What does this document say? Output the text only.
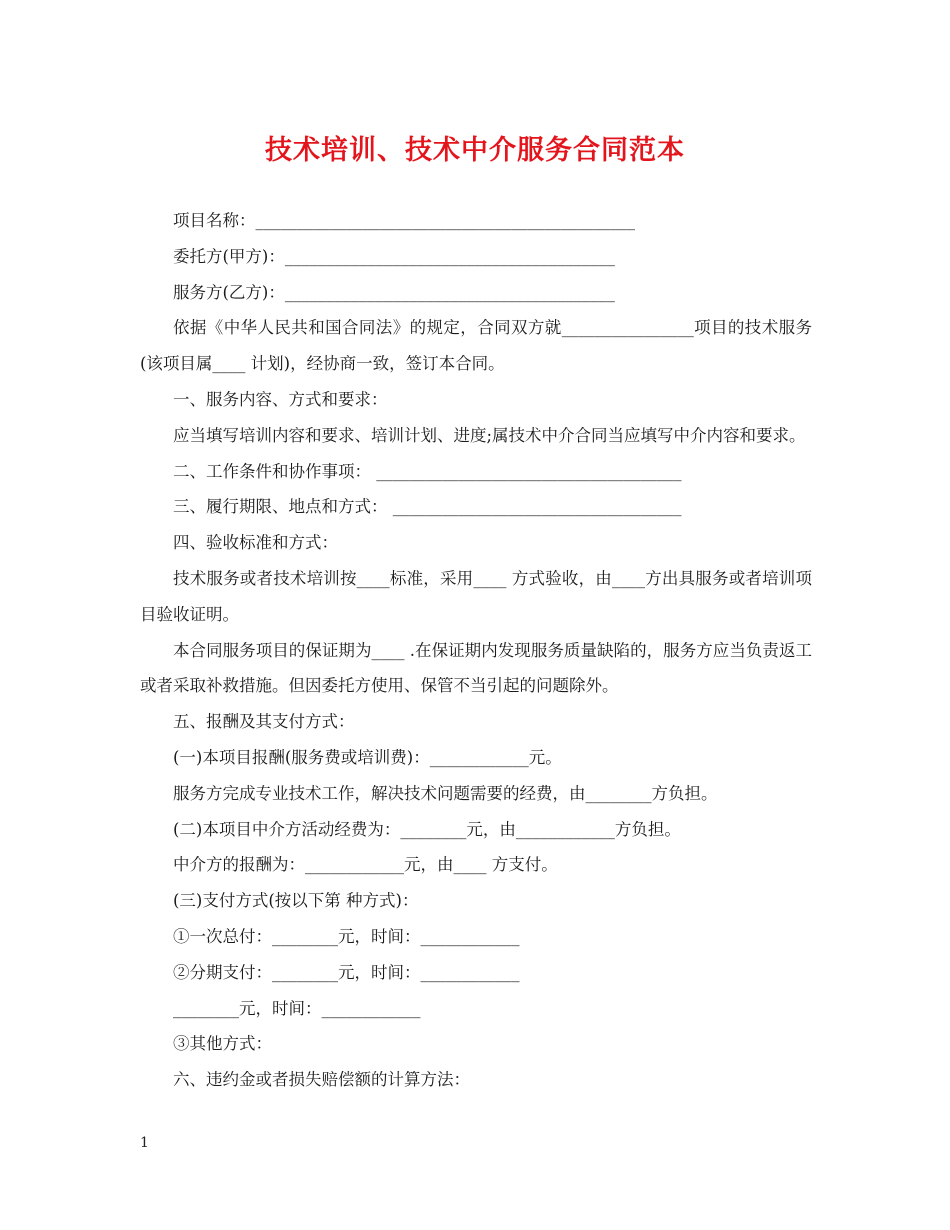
技术培训、技术中介服务合同范本

项目名称：______________________________________________

委托方(甲方)：________________________________________

服务方(乙方)：________________________________________

依据《中华人民共和国合同法》的规定，合同双方就________________项目的技术服务(该项目属____ 计划)，经协商一致，签订本合同。

一、服务内容、方式和要求：

应当填写培训内容和要求、培训计划、进度;属技术中介合同当应填写中介内容和要求。

二、工作条件和协作事项： _____________________________________

三、履行期限、地点和方式： ___________________________________

四、验收标准和方式：

技术服务或者技术培训按____标准，采用____ 方式验收，由____方出具服务或者培训项目验收证明。

本合同服务项目的保证期为____ .在保证期内发现服务质量缺陷的，服务方应当负责返工或者采取补救措施。但因委托方使用、保管不当引起的问题除外。

五、报酬及其支付方式：

(一)本项目报酬(服务费或培训费)：____________元。

服务方完成专业技术工作，解决技术问题需要的经费，由________方负担。

(二)本项目中介方活动经费为：________元，由____________方负担。

中介方的报酬为：____________元，由____ 方支付。

(三)支付方式(按以下第 种方式)：

①一次总付：________元，时间：____________

②分期支付：________元，时间：____________

________元，时间：____________

③其他方式：

六、违约金或者损失赔偿额的计算方法：

1
